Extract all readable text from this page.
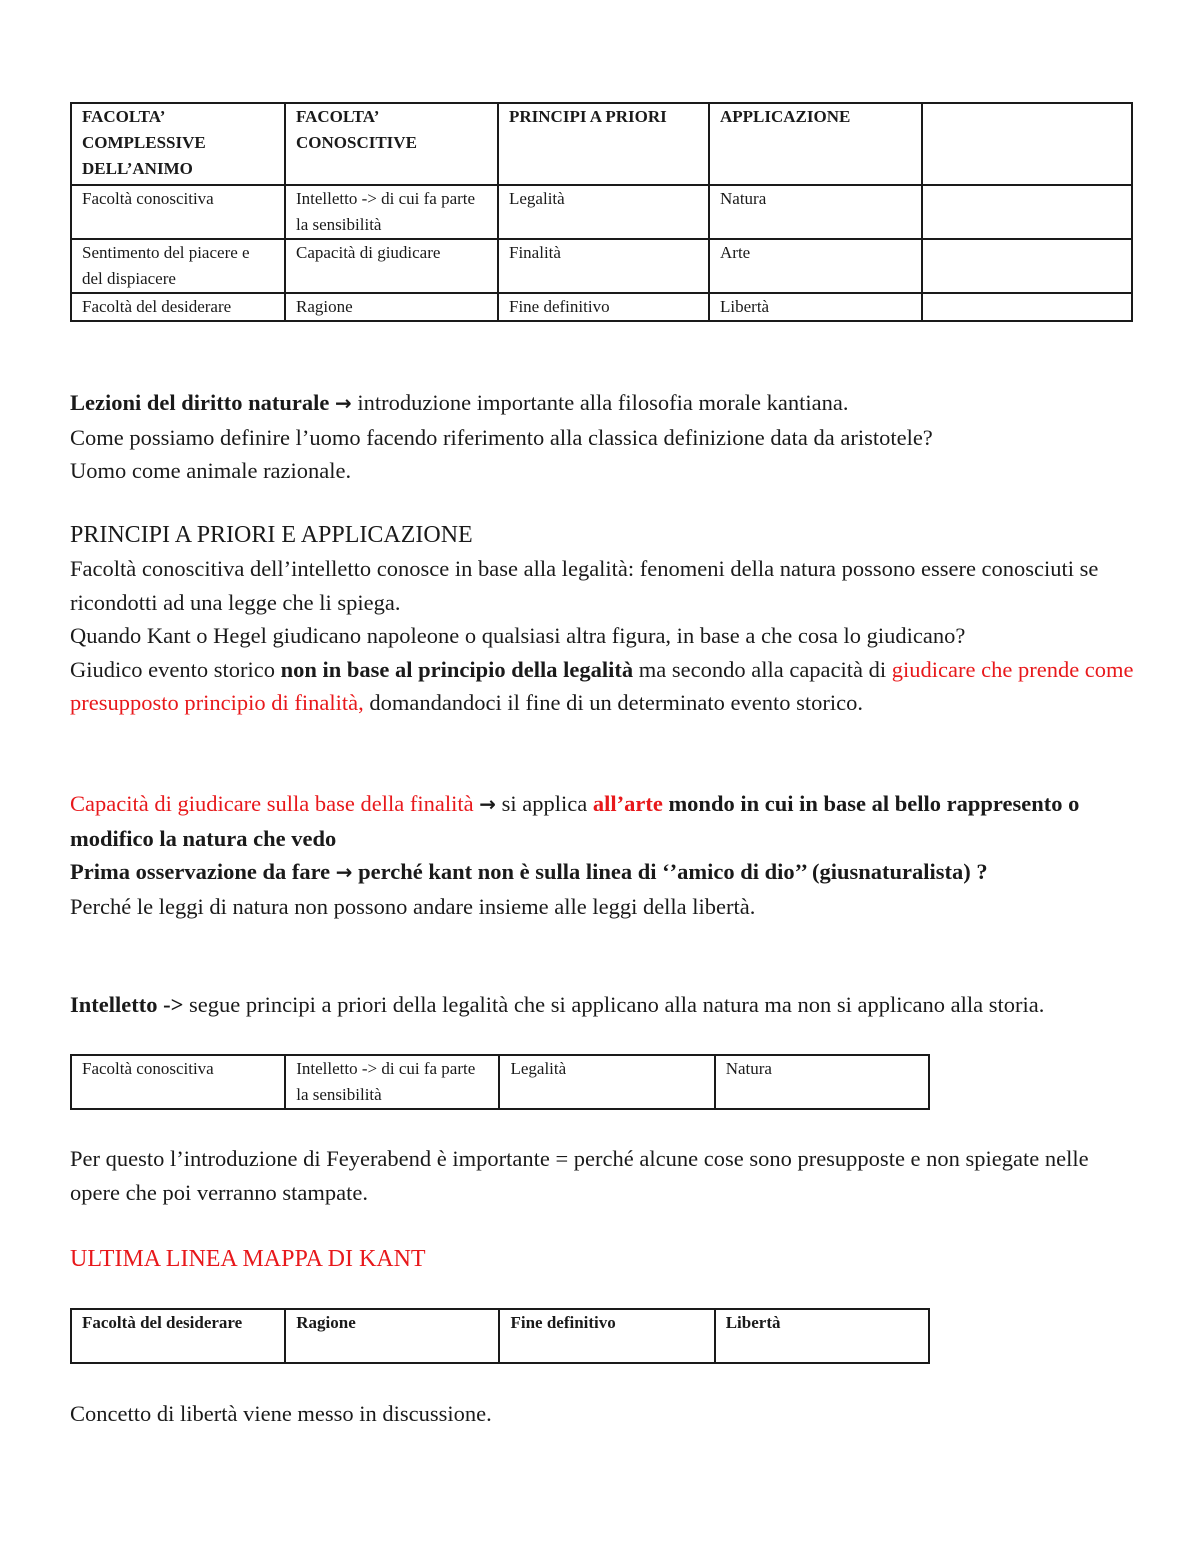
FACOLTA’ COMPLESSIVE DELL’ANIMO	FACOLTA’ CONOSCITIVE	PRINCIPI A PRIORI	APPLICAZIONE	
Facoltà conoscitiva	Intelletto -> di cui fa parte la sensibilità	Legalità	Natura	
Sentimento del piacere e del dispiacere	Capacità di giudicare	Finalità	Arte	
Facoltà del desiderare	Ragione	Fine definitivo	Libertà	

Lezioni del diritto naturale → introduzione importante alla filosofia morale kantiana.

Come possiamo definire l’uomo facendo riferimento alla classica definizione data da aristotele?

Uomo come animale razionale.

PRINCIPI A PRIORI E APPLICAZIONE

Facoltà conoscitiva dell’intelletto conosce in base alla legalità: fenomeni della natura possono essere conosciuti se ricondotti ad una legge che li spiega.

Quando Kant o Hegel giudicano napoleone o qualsiasi altra figura, in base a che cosa lo giudicano?

Giudico evento storico non in base al principio della legalità ma secondo alla capacità di giudicare che prende come presupposto principio di finalità, domandandoci il fine di un determinato evento storico.

Capacità di giudicare sulla base della finalità → si applica all’arte mondo in cui in base al bello rappresento o modifico la natura che vedo

Prima osservazione da fare → perché kant non è sulla linea di ‘’amico di dio’’ (giusnaturalista) ?

Perché le leggi di natura non possono andare insieme alle leggi della libertà.

Intelletto -> segue principi a priori della legalità che si applicano alla natura ma non si applicano alla storia.

Facoltà conoscitiva	Intelletto -> di cui fa parte la sensibilità	Legalità	Natura

Per questo l’introduzione di Feyerabend è importante = perché alcune cose sono presupposte e non spiegate nelle opere che poi verranno stampate.

ULTIMA LINEA MAPPA DI KANT
Facoltà del desiderare	Ragione	Fine definitivo	Libertà

Concetto di libertà viene messo in discussione.
